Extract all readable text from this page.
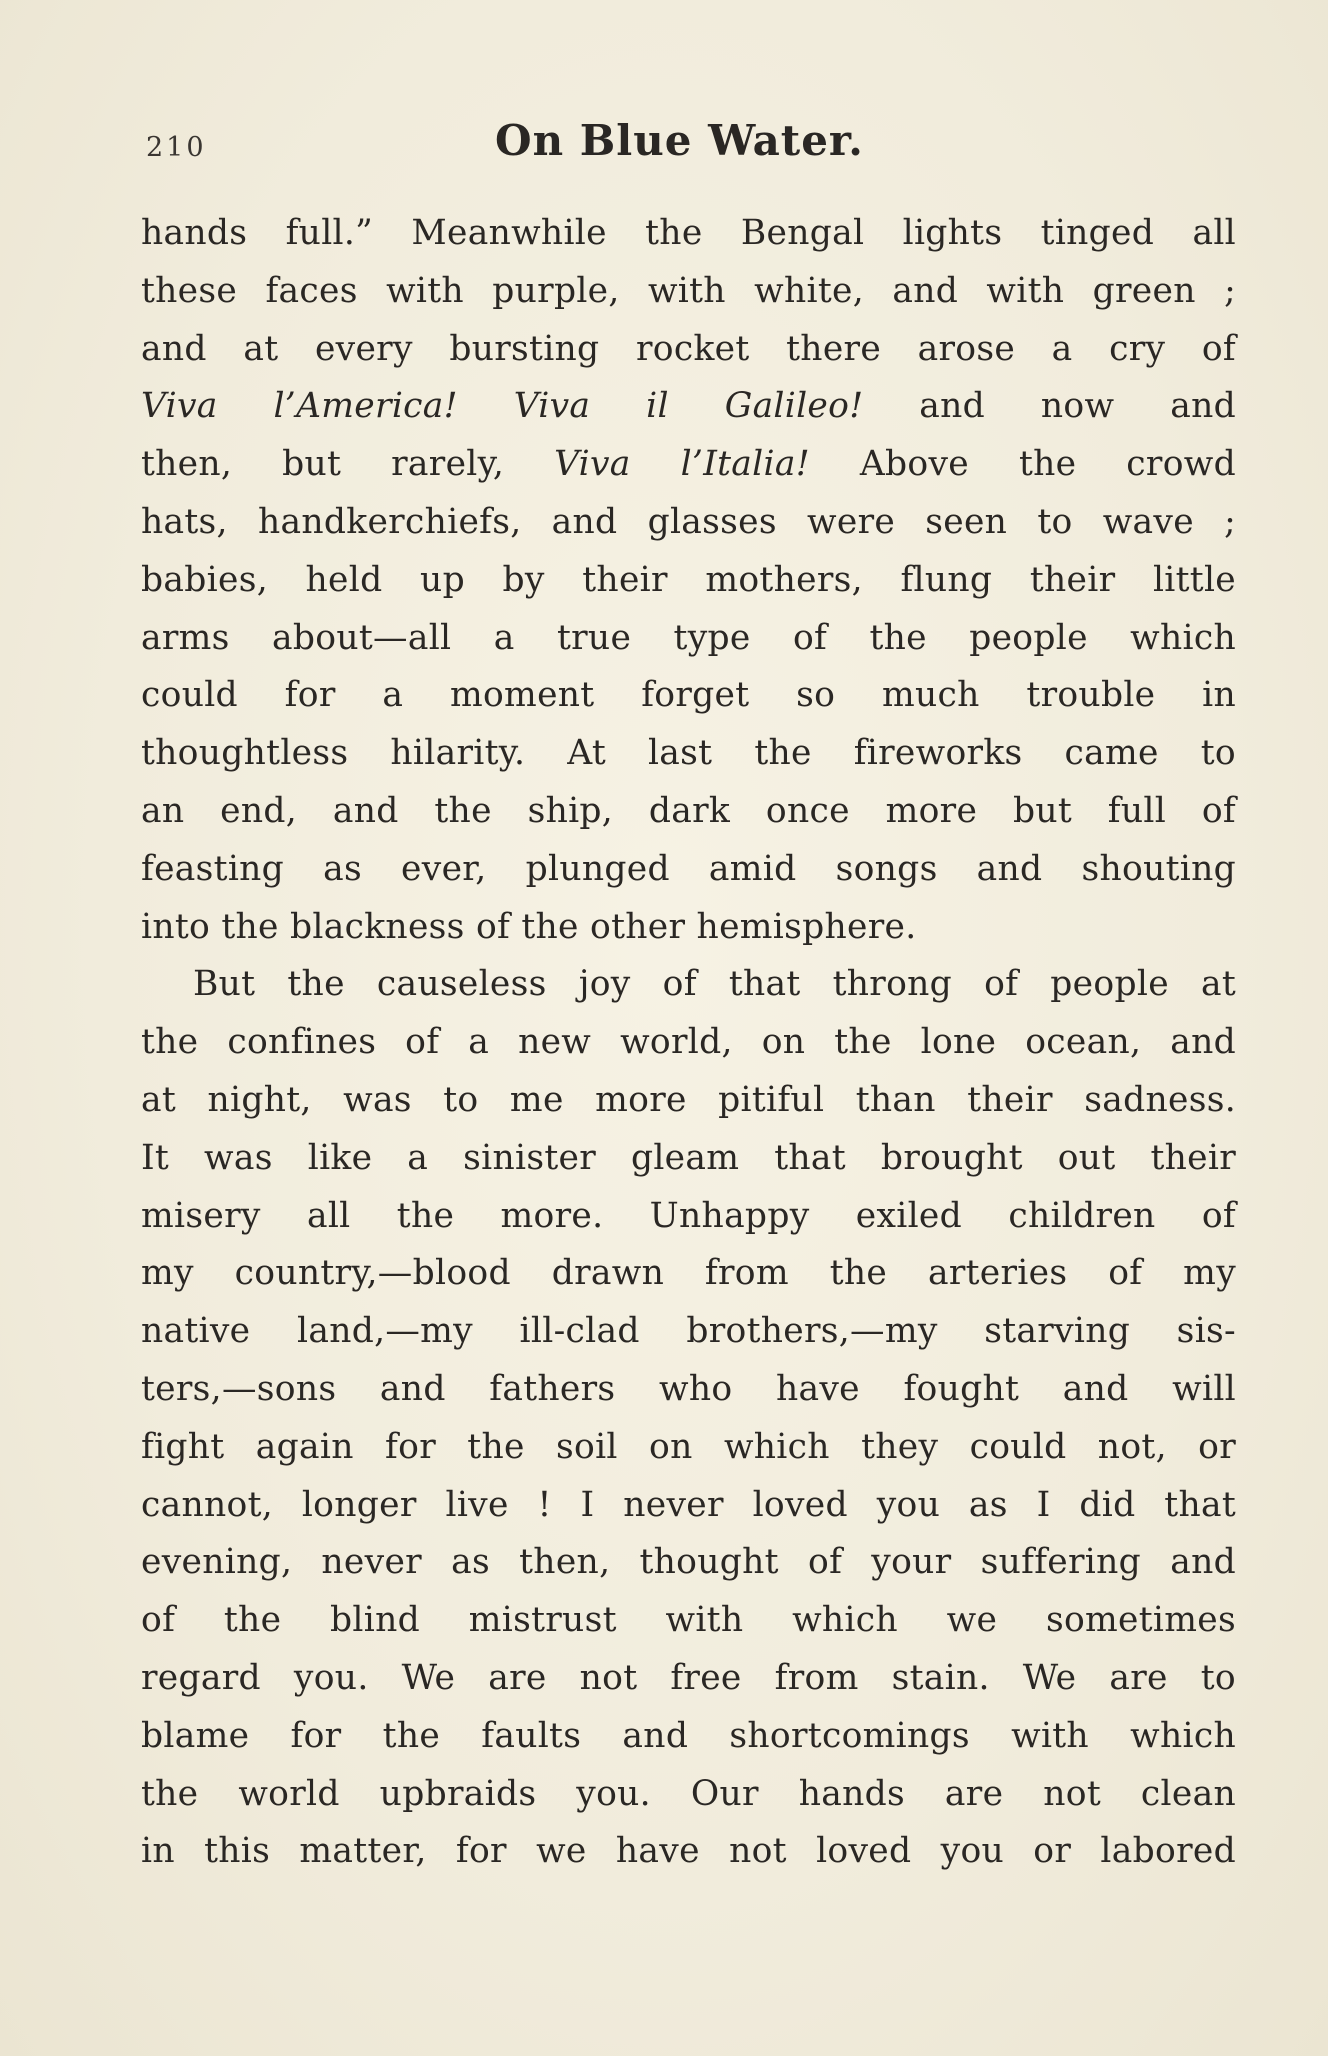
210	On Blue Water.
hands full.” Meanwhile the Bengal lights tinged all
these faces with purple, with white, and with green ;
and at every bursting rocket there arose a cry of
Viva l’America! Viva il Galileo! and now and
then, but rarely, Viva l’Italia! Above the crowd
hats, handkerchiefs, and glasses were seen to wave ;
babies, held up by their mothers, flung their little
arms about—all a true type of the people which
could for a moment forget so much trouble in
thoughtless hilarity. At last the fireworks came to
an end, and the ship, dark once more but full of
feasting as ever, plunged amid songs and shouting
into the blackness of the other hemisphere.
But the causeless joy of that throng of people at
the confines of a new world, on the lone ocean, and
at night, was to me more pitiful than their sadness.
It was like a sinister gleam that brought out their
misery all the more. Unhappy exiled children of
my country,—blood drawn from the arteries of my
native land,—my ill-clad brothers,—my starving sis-
ters,—sons and fathers who have fought and will
fight again for the soil on which they could not, or
cannot, longer live ! I never loved you as I did that
evening, never as then, thought of your suffering and
of the blind mistrust with which we sometimes
regard you. We are not free from stain. We are to
blame for the faults and shortcomings with which
the world upbraids you. Our hands are not clean
in this matter, for we have not loved you or labored
